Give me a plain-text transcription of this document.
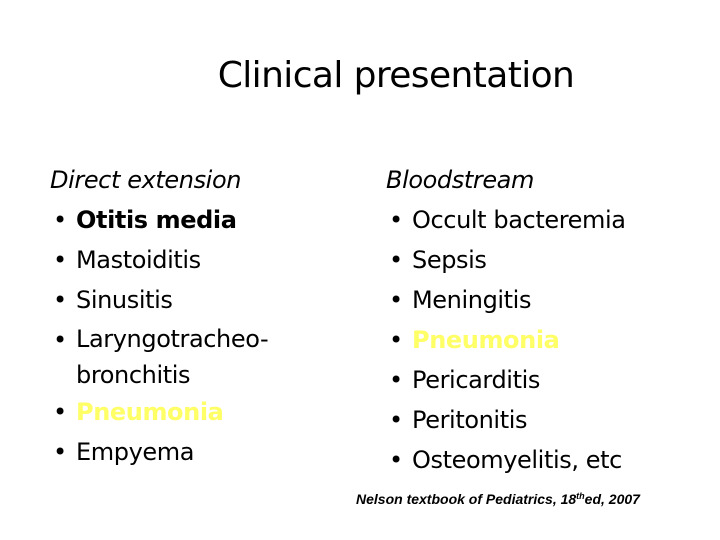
Clinical presentation
Direct extension
• Otitis media
• Mastoiditis
• Sinusitis
• Laryngotracheo-
bronchitis
• Pneumonia
• Empyema
Bloodstream
• Occult bacteremia
• Sepsis
• Meningitis
• Pneumonia
• Pericarditis
• Peritonitis
• Osteomyelitis, etc
Nelson textbook of Pediatrics, 18thed, 2007
